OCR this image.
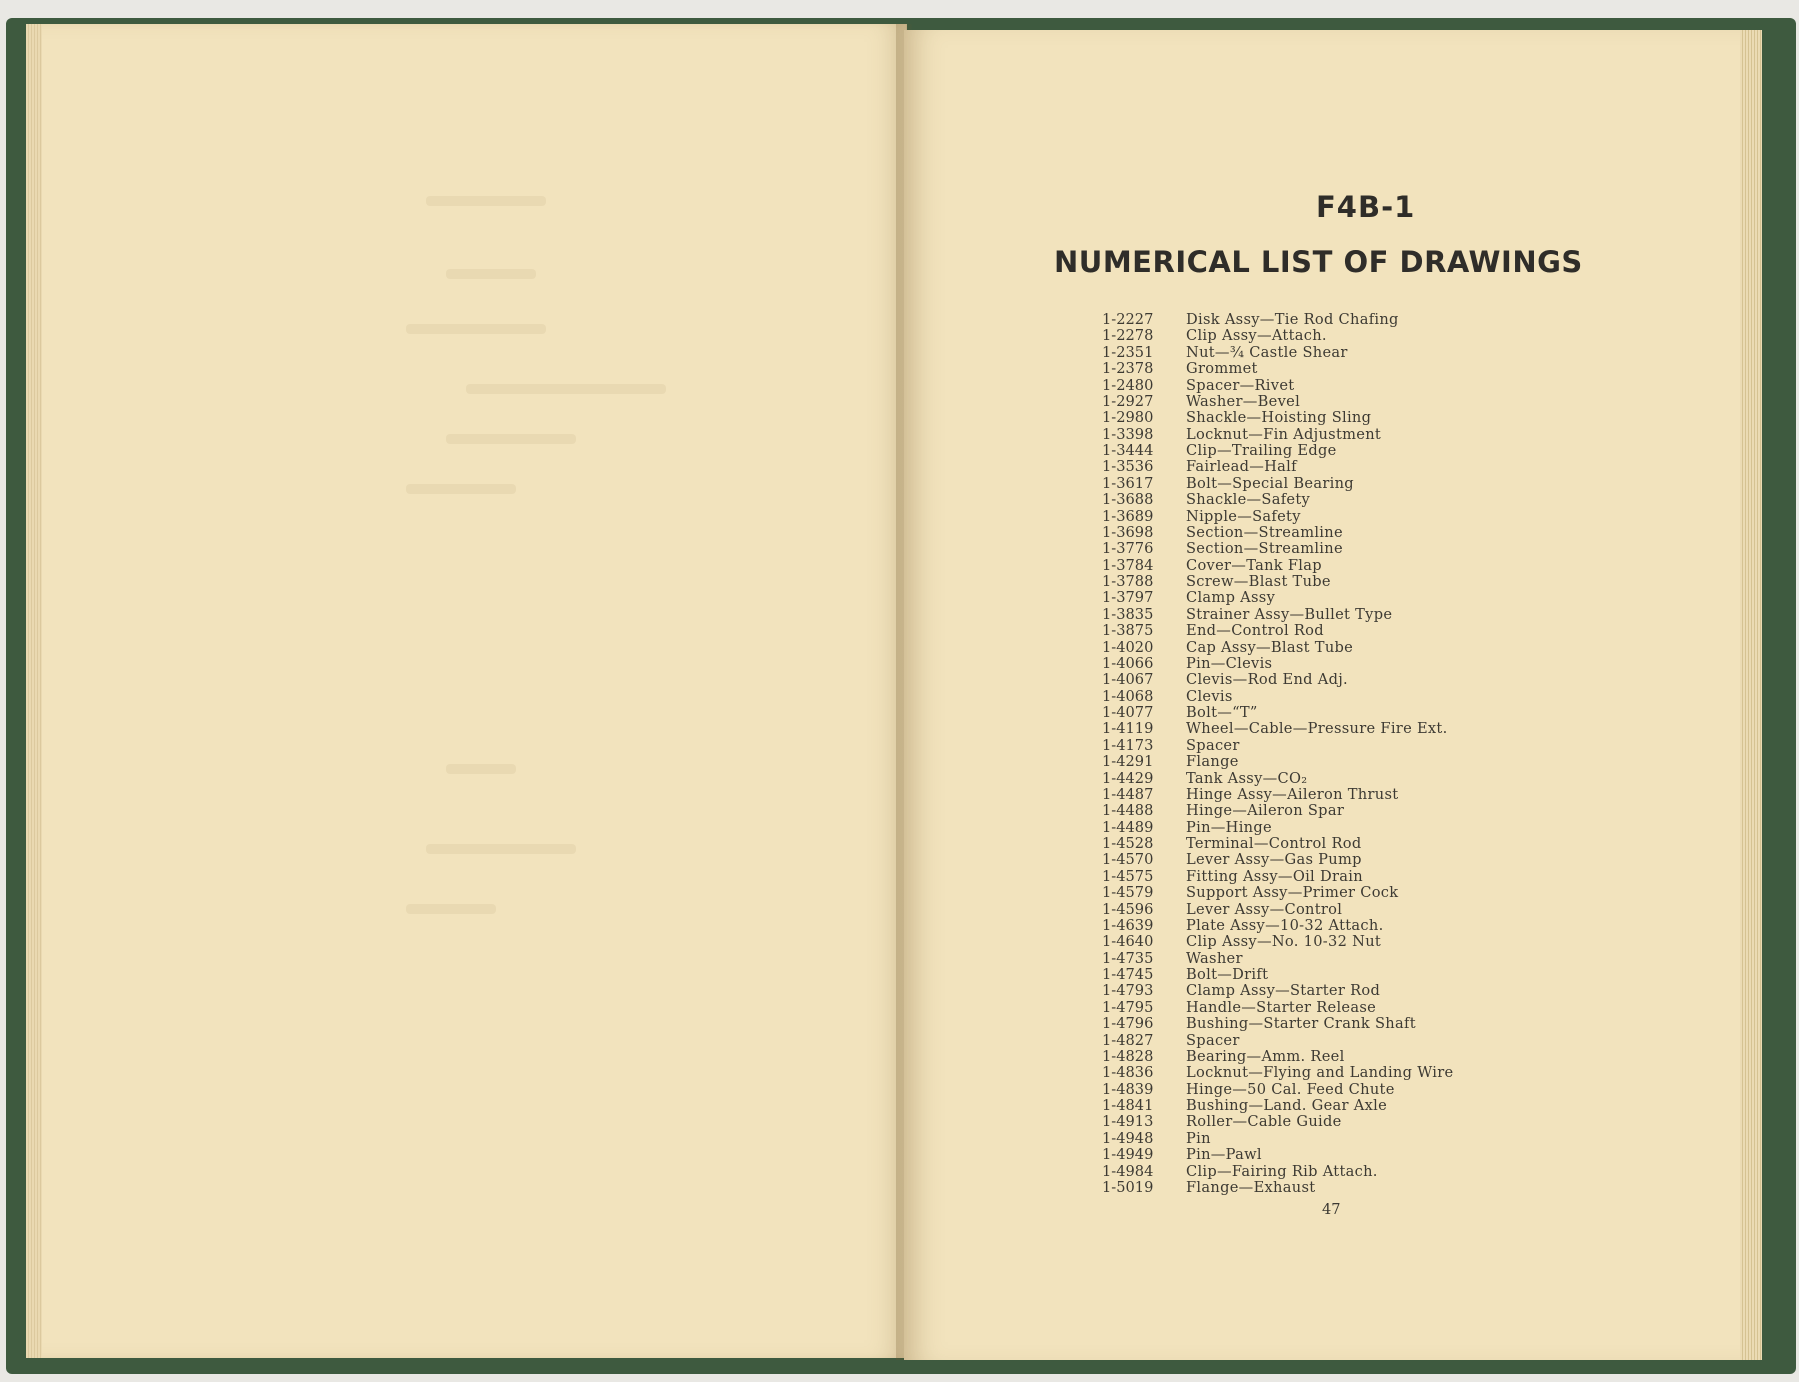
F4B-1
NUMERICAL LIST OF DRAWINGS
1-2227 Disk Assy—Tie Rod Chafing
1-2278 Clip Assy—Attach.
1-2351 Nut—¾ Castle Shear
1-2378 Grommet
1-2480 Spacer—Rivet
1-2927 Washer—Bevel
1-2980 Shackle—Hoisting Sling
1-3398 Locknut—Fin Adjustment
1-3444 Clip—Trailing Edge
1-3536 Fairlead—Half
1-3617 Bolt—Special Bearing
1-3688 Shackle—Safety
1-3689 Nipple—Safety
1-3698 Section—Streamline
1-3776 Section—Streamline
1-3784 Cover—Tank Flap
1-3788 Screw—Blast Tube
1-3797 Clamp Assy
1-3835 Strainer Assy—Bullet Type
1-3875 End—Control Rod
1-4020 Cap Assy—Blast Tube
1-4066 Pin—Clevis
1-4067 Clevis—Rod End Adj.
1-4068 Clevis
1-4077 Bolt—“T”
1-4119 Wheel—Cable—Pressure Fire Ext.
1-4173 Spacer
1-4291 Flange
1-4429 Tank Assy—CO₂
1-4487 Hinge Assy—Aileron Thrust
1-4488 Hinge—Aileron Spar
1-4489 Pin—Hinge
1-4528 Terminal—Control Rod
1-4570 Lever Assy—Gas Pump
1-4575 Fitting Assy—Oil Drain
1-4579 Support Assy—Primer Cock
1-4596 Lever Assy—Control
1-4639 Plate Assy—10-32 Attach.
1-4640 Clip Assy—No. 10-32 Nut
1-4735 Washer
1-4745 Bolt—Drift
1-4793 Clamp Assy—Starter Rod
1-4795 Handle—Starter Release
1-4796 Bushing—Starter Crank Shaft
1-4827 Spacer
1-4828 Bearing—Amm. Reel
1-4836 Locknut—Flying and Landing Wire
1-4839 Hinge—50 Cal. Feed Chute
1-4841 Bushing—Land. Gear Axle
1-4913 Roller—Cable Guide
1-4948 Pin
1-4949 Pin—Pawl
1-4984 Clip—Fairing Rib Attach.
1-5019 Flange—Exhaust
47
